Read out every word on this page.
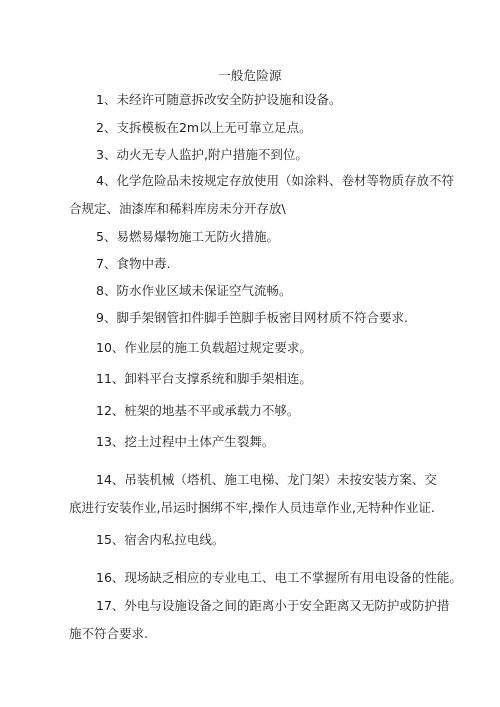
一般危险源
1、未经许可随意拆改安全防护设施和设备。
2、支拆模板在2m以上无可靠立足点。
3、动火无专人监护,附户措施不到位。
4、化学危险品未按规定存放使用（如涂料、卷材等物质存放不符
合规定、油漆库和稀料库房未分开存放\
5、易燃易爆物施工无防火措施。
7、食物中毒.
8、防水作业区域未保证空气流畅。
9、脚手架钢管扣件脚手笆脚手板密目网材质不符合要求.
10、作业层的施工负载超过规定要求。
11、卸料平台支撑系统和脚手架相连。
12、桩架的地基不平或承载力不够。
13、挖土过程中土体产生裂舞。
14、吊装机械（塔机、施工电梯、龙门架）未按安装方案、交
底进行安装作业,吊运时捆绑不牢,操作人员违章作业,无特种作业证.
15、宿舍内私拉电线。
16、现场缺乏相应的专业电工、电工不掌握所有用电设备的性能。
17、外电与设施设备之间的距离小于安全距离又无防护或防护措
施不符合要求.
